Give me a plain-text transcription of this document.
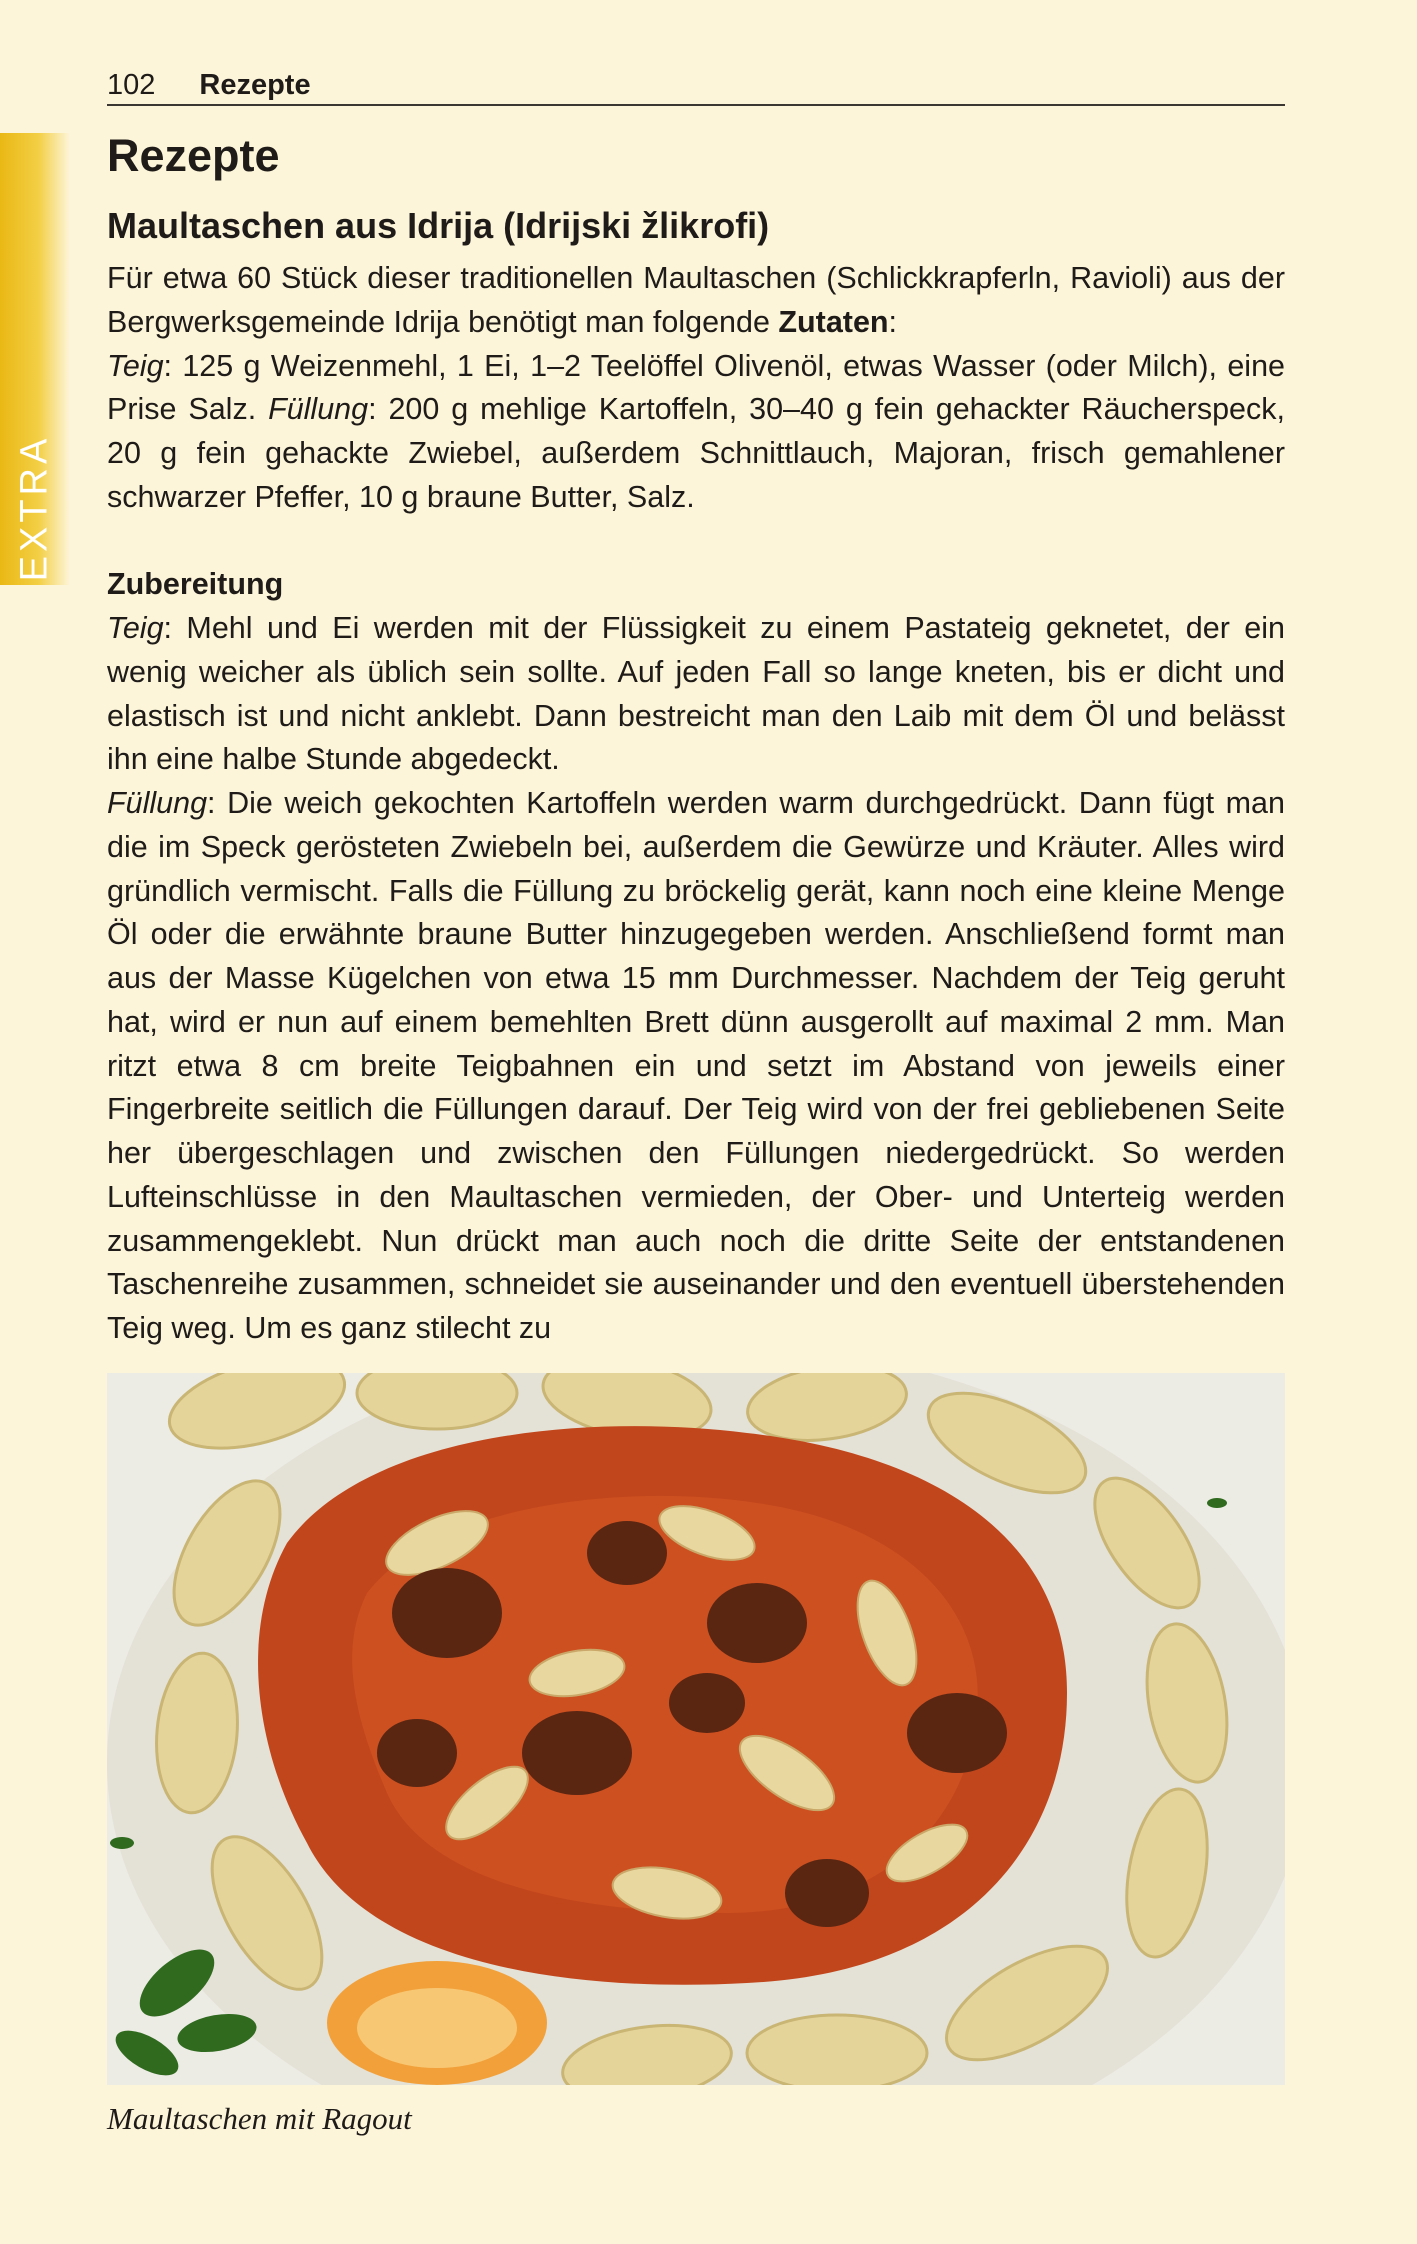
102 Rezepte
EXTRA
Rezepte
Maultaschen aus Idrija (Idrijski žlikrofi)

Für etwa 60 Stück dieser traditionellen Maultaschen (Schlickkrapferln, Ravioli) aus der Bergwerksgemeinde Idrija benötigt man folgende Zutaten:
Teig: 125 g Weizenmehl, 1 Ei, 1–2 Teelöffel Olivenöl, etwas Wasser (oder Milch), eine Prise Salz. Füllung: 200 g mehlige Kartoffeln, 30–40 g fein gehackter Räucherspeck, 20 g fein gehackte Zwiebel, außerdem Schnittlauch, Majoran, frisch gemahlener schwarzer Pfeffer, 10 g braune Butter, Salz.

Zubereitung

Teig: Mehl und Ei werden mit der Flüssigkeit zu einem Pastateig geknetet, der ein wenig weicher als üblich sein sollte. Auf jeden Fall so lange kneten, bis er dicht und elastisch ist und nicht anklebt. Dann bestreicht man den Laib mit dem Öl und belässt ihn eine halbe Stunde abgedeckt.

Füllung: Die weich gekochten Kartoffeln werden warm durchgedrückt. Dann fügt man die im Speck gerösteten Zwiebeln bei, außerdem die Gewürze und Kräuter. Alles wird gründlich vermischt. Falls die Füllung zu bröckelig gerät, kann noch eine kleine Menge Öl oder die erwähnte braune Butter hinzugegeben werden. Anschließend formt man aus der Masse Kügelchen von etwa 15 mm Durchmesser. Nachdem der Teig geruht hat, wird er nun auf einem bemehlten Brett dünn ausgerollt auf maximal 2 mm. Man ritzt etwa 8 cm breite Teigbahnen ein und setzt im Abstand von jeweils einer Fingerbreite seitlich die Füllungen darauf. Der Teig wird von der frei gebliebenen Seite her übergeschlagen und zwischen den Füllungen niedergedrückt. So werden Lufteinschlüsse in den Maultaschen vermieden, der Ober- und Unterteig werden zusammengeklebt. Nun drückt man auch noch die dritte Seite der entstandenen Taschenreihe zusammen, schneidet sie auseinander und den eventuell überstehenden Teig weg. Um es ganz stilecht zu

Maultaschen mit Ragout
